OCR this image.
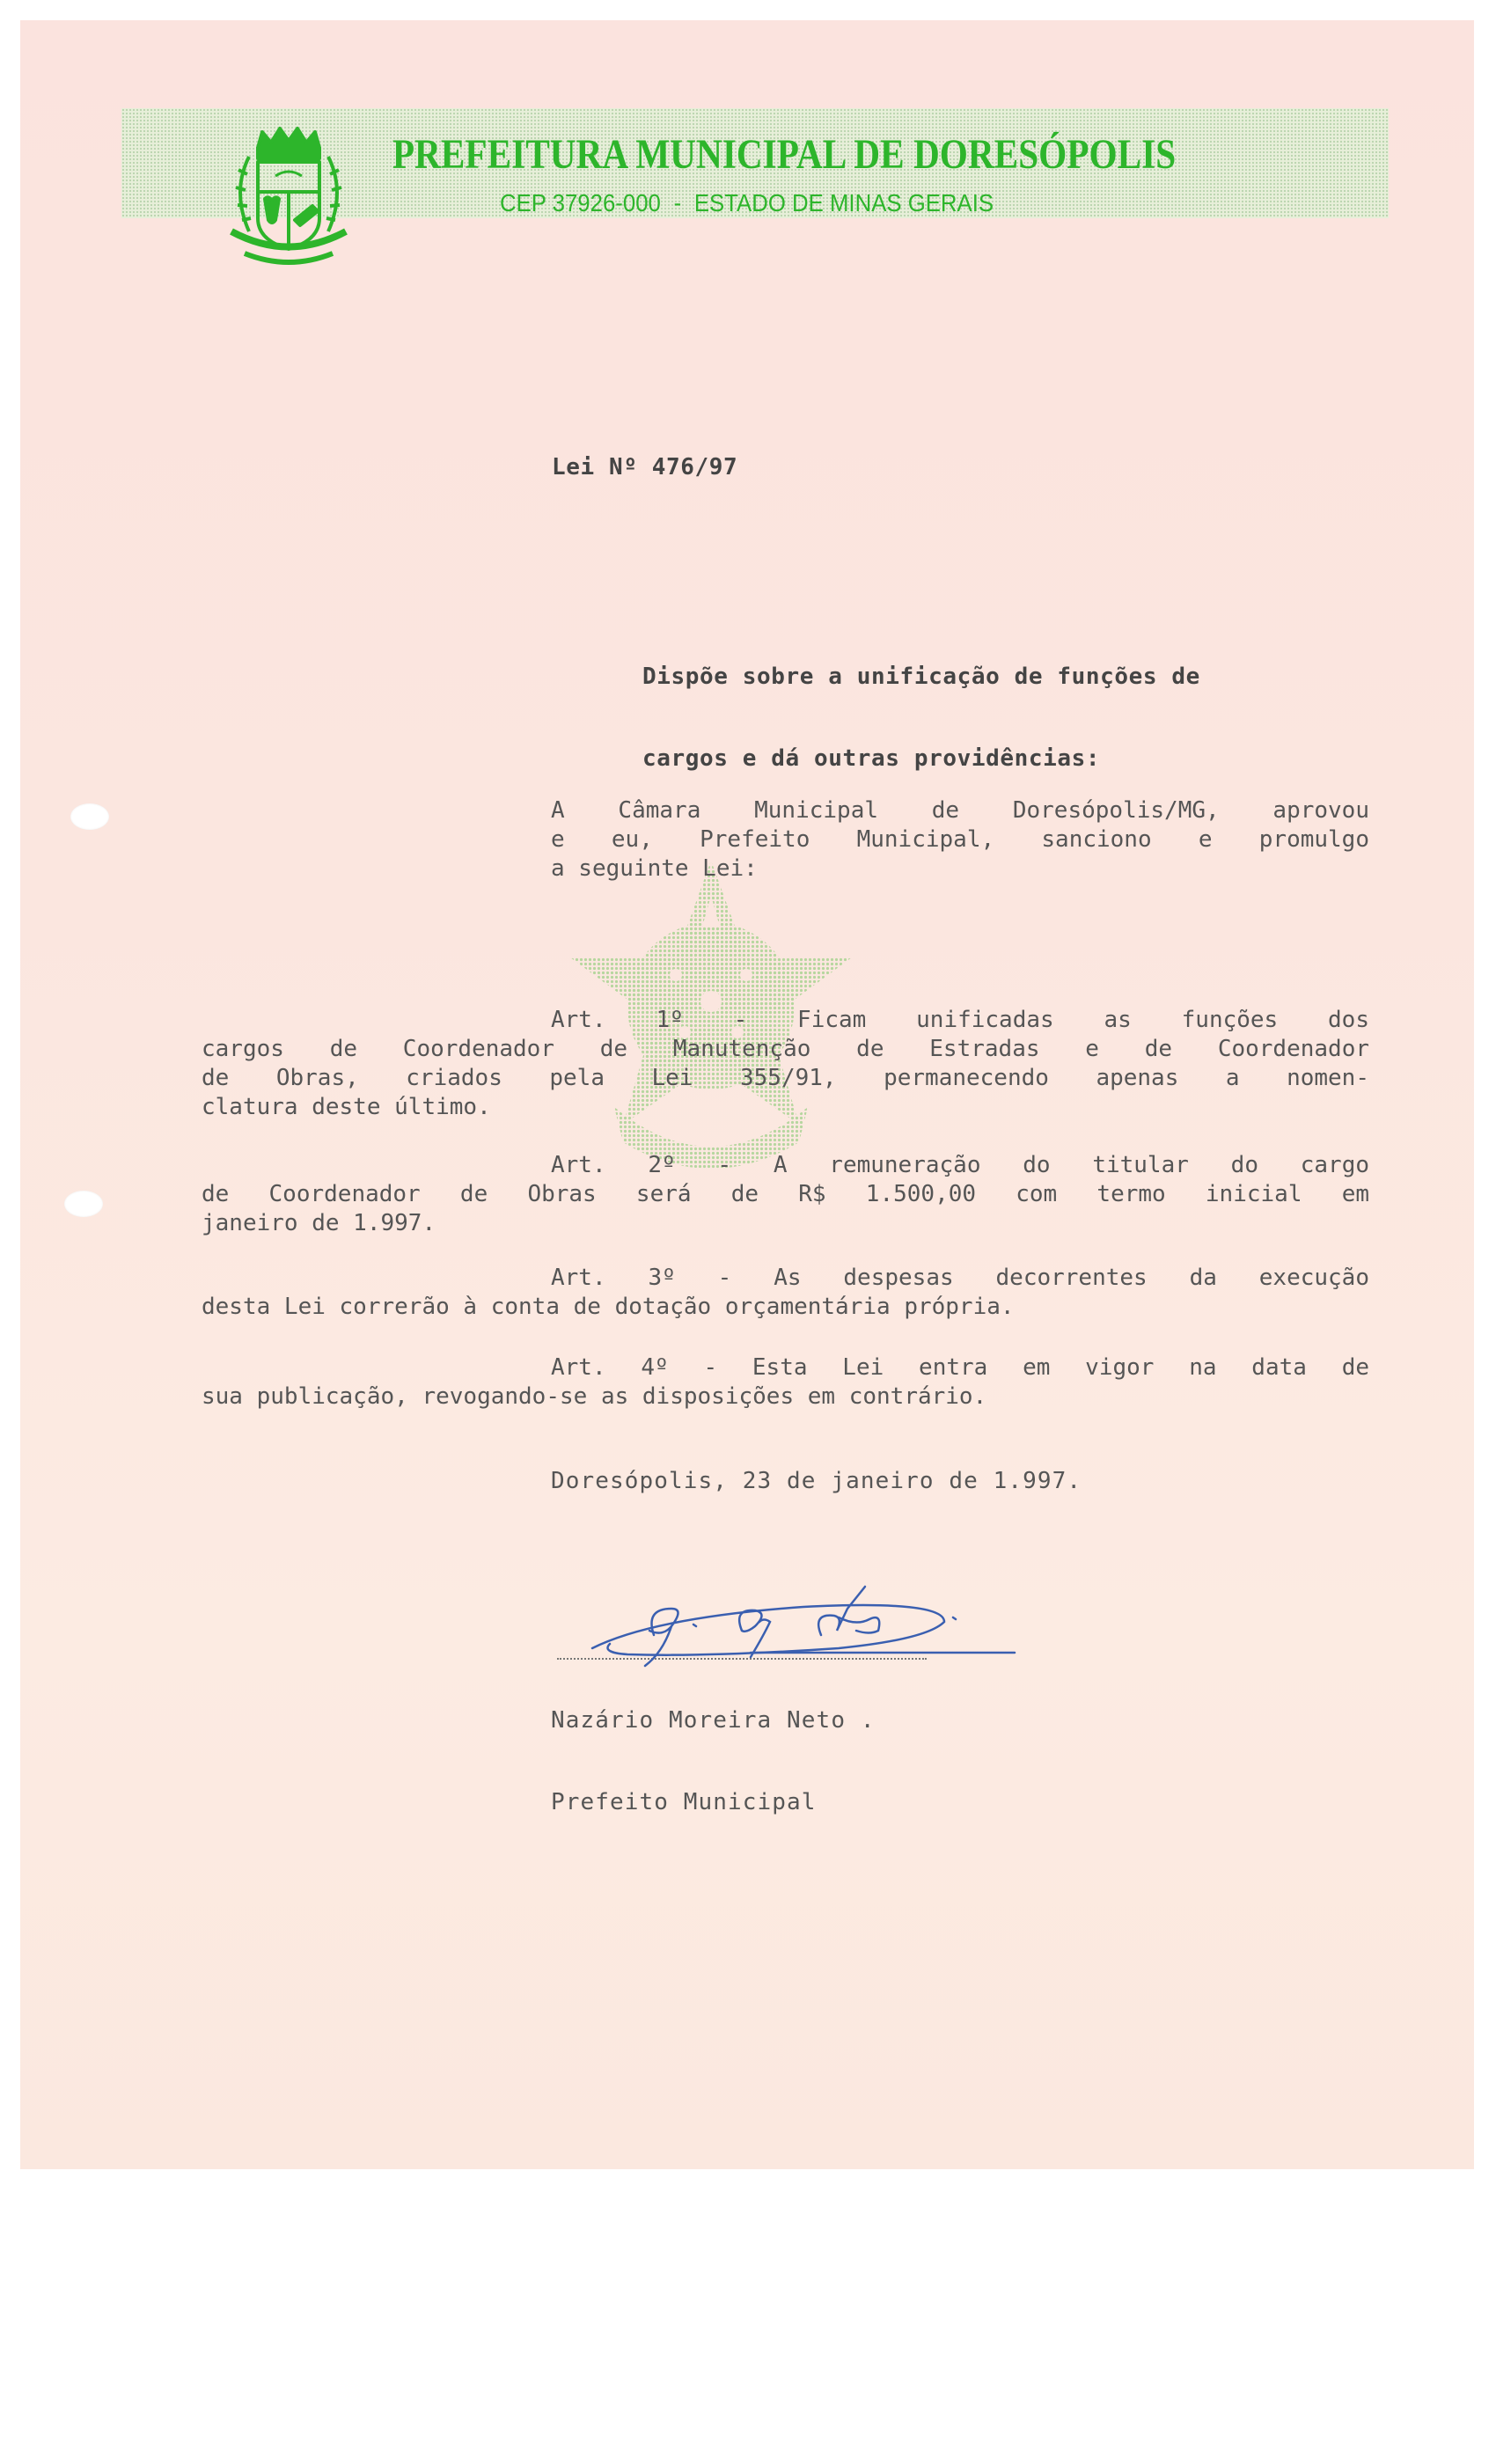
PREFEITURA MUNICIPAL DE DORESÓPOLIS
CEP 37926-000 - ESTADO DE MINAS GERAIS
Lei Nº 476/97

Dispõe sobre a unificação de funções de

cargos e dá outras providências:

A Câmara Municipal de Doresópolis/MG, aprovou
e eu, Prefeito Municipal, sanciono e promulgo
a seguinte Lei:
Art. 1º - Ficam unificadas as funções dos
cargos de Coordenador de Manutenção de Estradas e de Coordenador
de Obras, criados pela Lei 355/91, permanecendo apenas a nomen-
clatura deste último.
Art. 2º - A remuneração do titular do cargo
de Coordenador de Obras será de R$ 1.500,00 com termo inicial em
janeiro de 1.997.
Art. 3º - As despesas decorrentes da execução
desta Lei correrão à conta de dotação orçamentária própria.
Art. 4º - Esta Lei entra em vigor na data de
sua publicação, revogando-se as disposições em contrário.
Doresópolis, 23 de janeiro de 1.997.

Nazário Moreira Neto .

Prefeito Municipal
